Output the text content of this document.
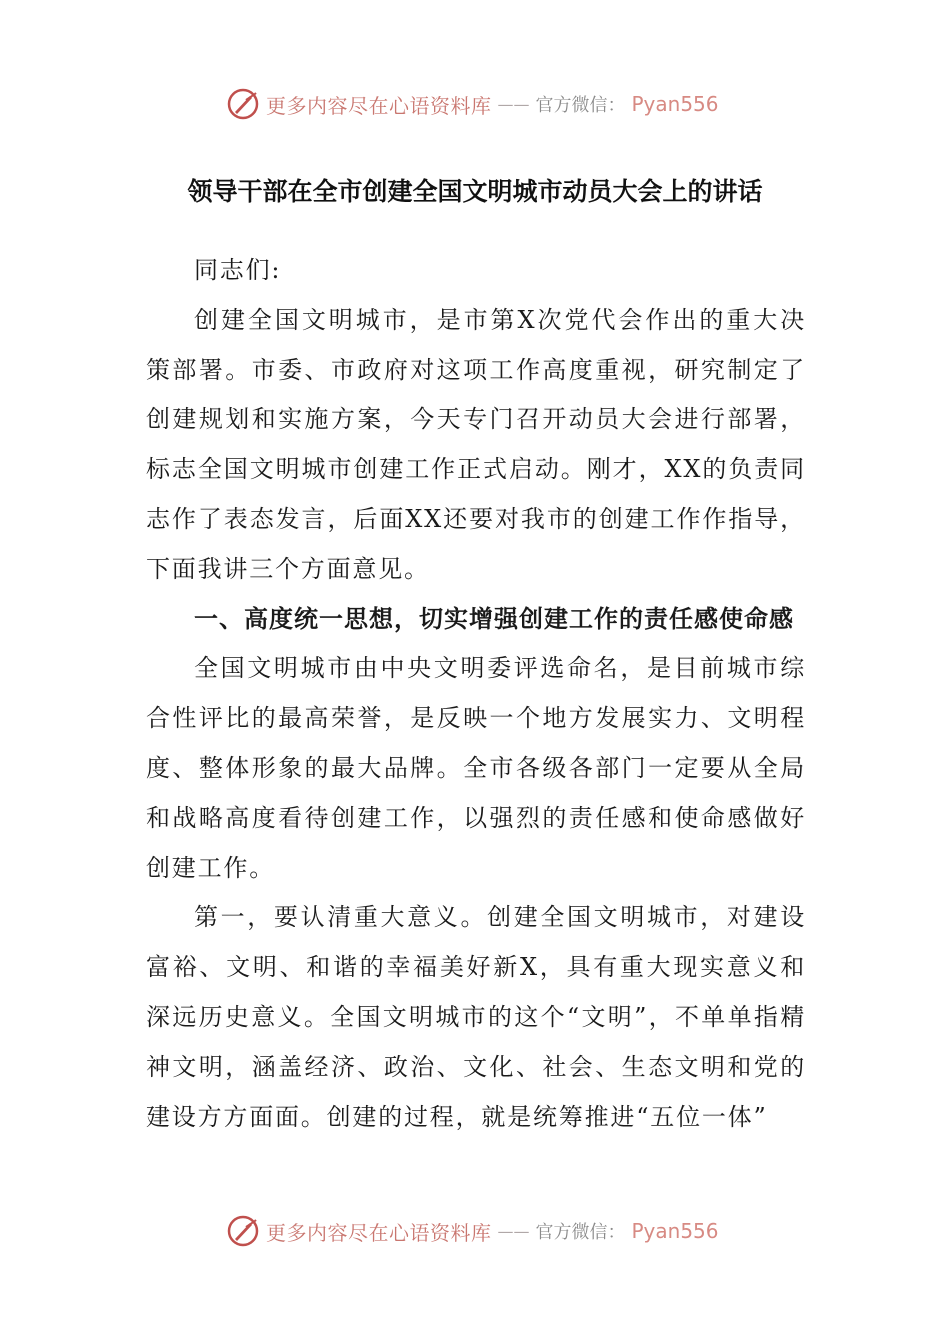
更多内容尽在心语资料库 —— 官方微信： Pyan556
领导干部在全市创建全国文明城市动员大会上的讲话

同志们:

创建全国文明城市，是市第X次党代会作出的重大决策部署。市委、市政府对这项工作高度重视，研究制定了创建规划和实施方案，今天专门召开动员大会进行部署，标志全国文明城市创建工作正式启动。刚才，XX的负责同志作了表态发言，后面XX还要对我市的创建工作作指导，下面我讲三个方面意见。

一、高度统一思想，切实增强创建工作的责任感使命感

全国文明城市由中央文明委评选命名，是目前城市综合性评比的最高荣誉，是反映一个地方发展实力、文明程度、整体形象的最大品牌。全市各级各部门一定要从全局和战略高度看待创建工作，以强烈的责任感和使命感做好创建工作。

第一，要认清重大意义。创建全国文明城市，对建设富裕、文明、和谐的幸福美好新X，具有重大现实意义和深远历史意义。全国文明城市的这个“文明”，不单单指精神文明，涵盖经济、政治、文化、社会、生态文明和党的建设方方面面。创建的过程，就是统筹推进“五位一体”

更多内容尽在心语资料库 —— 官方微信： Pyan556
